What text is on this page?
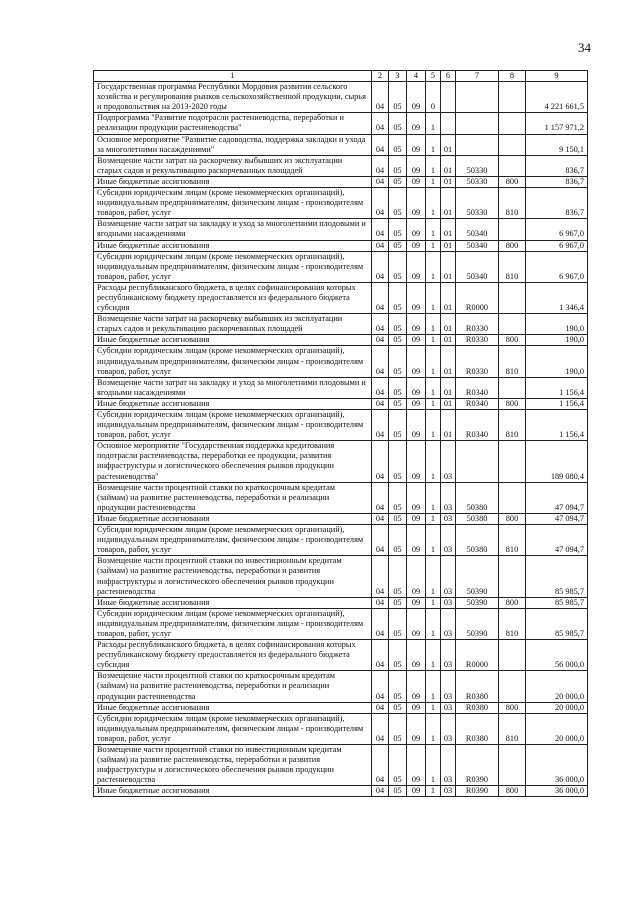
34
1	2	3	4	5	6	7	8	9
Государственная программа Республики Мордовия развития сельского хозяйства и регулирования рынков сельскохозяйственной продукции, сырья и продовольствия на 2013-2020 годы	04	05	09	0				4 221 661,5
Подпрограмма "Развитие подотрасли растениеводства, переработки и реализации продукции растениеводства"	04	05	09	1				1 157 971,2
Основное мероприятие "Развитие садоводства, поддержка закладки и ухода за многолетними насаждениями"	04	05	09	1	01			9 150,1
Возмещение части затрат на раскорчевку выбывших из эксплуатации старых садов и рекультивацию раскорчеванных площадей	04	05	09	1	01	50330		836,7
Иные бюджетные ассигнования	04	05	09	1	01	50330	800	836,7
Субсидии юридическим лицам (кроме некоммерческих организаций), индивидуальным предпринимателям, физическим лицам - производителям товаров, работ, услуг	04	05	09	1	01	50330	810	836,7
Возмещение части затрат на закладку и уход за многолетними плодовыми и ягодными насаждениями	04	05	09	1	01	50340		6 967,0
Иные бюджетные ассигнования	04	05	09	1	01	50340	800	6 967,0
Субсидии юридическим лицам (кроме некоммерческих организаций), индивидуальным предпринимателям, физическим лицам - производителям товаров, работ, услуг	04	05	09	1	01	50340	810	6 967,0
Расходы республиканского бюджета, в целях софинансирования которых республиканскому бюджету предоставляется из федерального бюджета субсидия	04	05	09	1	01	R0000		1 346,4
Возмещение части затрат на раскорчевку выбывших из эксплуатации старых садов и рекультивацию раскорчеванных площадей	04	05	09	1	01	R0330		190,0
Иные бюджетные ассигнования	04	05	09	1	01	R0330	800	190,0
Субсидии юридическим лицам (кроме некоммерческих организаций), индивидуальным предпринимателям, физическим лицам - производителям товаров, работ, услуг	04	05	09	1	01	R0330	810	190,0
Возмещение части затрат на закладку и уход за многолетними плодовыми и ягодными насаждениями	04	05	09	1	01	R0340		1 156,4
Иные бюджетные ассигнования	04	05	09	1	01	R0340	800	1 156,4
Субсидии юридическим лицам (кроме некоммерческих организаций), индивидуальным предпринимателям, физическим лицам - производителям товаров, работ, услуг	04	05	09	1	01	R0340	810	1 156,4
Основное мероприятие "Государственная поддержка кредитования подотрасли растениеводства, переработки ее продукции, развития инфраструктуры и логистического обеспечения рынков продукции растениеводства"	04	05	09	1	03			189 080,4
Возмещение части процентной ставки по краткосрочным кредитам (займам) на развитие растениеводства, переработки и реализации продукции растениеводства	04	05	09	1	03	50380		47 094,7
Иные бюджетные ассигнования	04	05	09	1	03	50380	800	47 094,7
Субсидии юридическим лицам (кроме некоммерческих организаций), индивидуальным предпринимателям, физическим лицам - производителям товаров, работ, услуг	04	05	09	1	03	50380	810	47 094,7
Возмещение части процентной ставки по инвестиционным кредитам (займам) на развитие растениеводства, переработки и развития инфраструктуры и логистического обеспечения рынков продукции растениеводства	04	05	09	1	03	50390		85 985,7
Иные бюджетные ассигнования	04	05	09	1	03	50390	800	85 985,7
Субсидии юридическим лицам (кроме некоммерческих организаций), индивидуальным предпринимателям, физическим лицам - производителям товаров, работ, услуг	04	05	09	1	03	50390	810	85 985,7
Расходы республиканского бюджета, в целях софинансирования которых республиканскому бюджету предоставляется из федерального бюджета субсидия	04	05	09	1	03	R0000		56 000,0
Возмещение части процентной ставки по краткосрочным кредитам (займам) на развитие растениеводства, переработки и реализации продукции растениеводства	04	05	09	1	03	R0380		20 000,0
Иные бюджетные ассигнования	04	05	09	1	03	R0380	800	20 000,0
Субсидии юридическим лицам (кроме некоммерческих организаций), индивидуальным предпринимателям, физическим лицам - производителям товаров, работ, услуг	04	05	09	1	03	R0380	810	20 000,0
Возмещение части процентной ставки по инвестиционным кредитам (займам) на развитие растениеводства, переработки и развития инфраструктуры и логистического обеспечения рынков продукции растениеводства	04	05	09	1	03	R0390		36 000,0
Иные бюджетные ассигнования	04	05	09	1	03	R0390	800	36 000,0
